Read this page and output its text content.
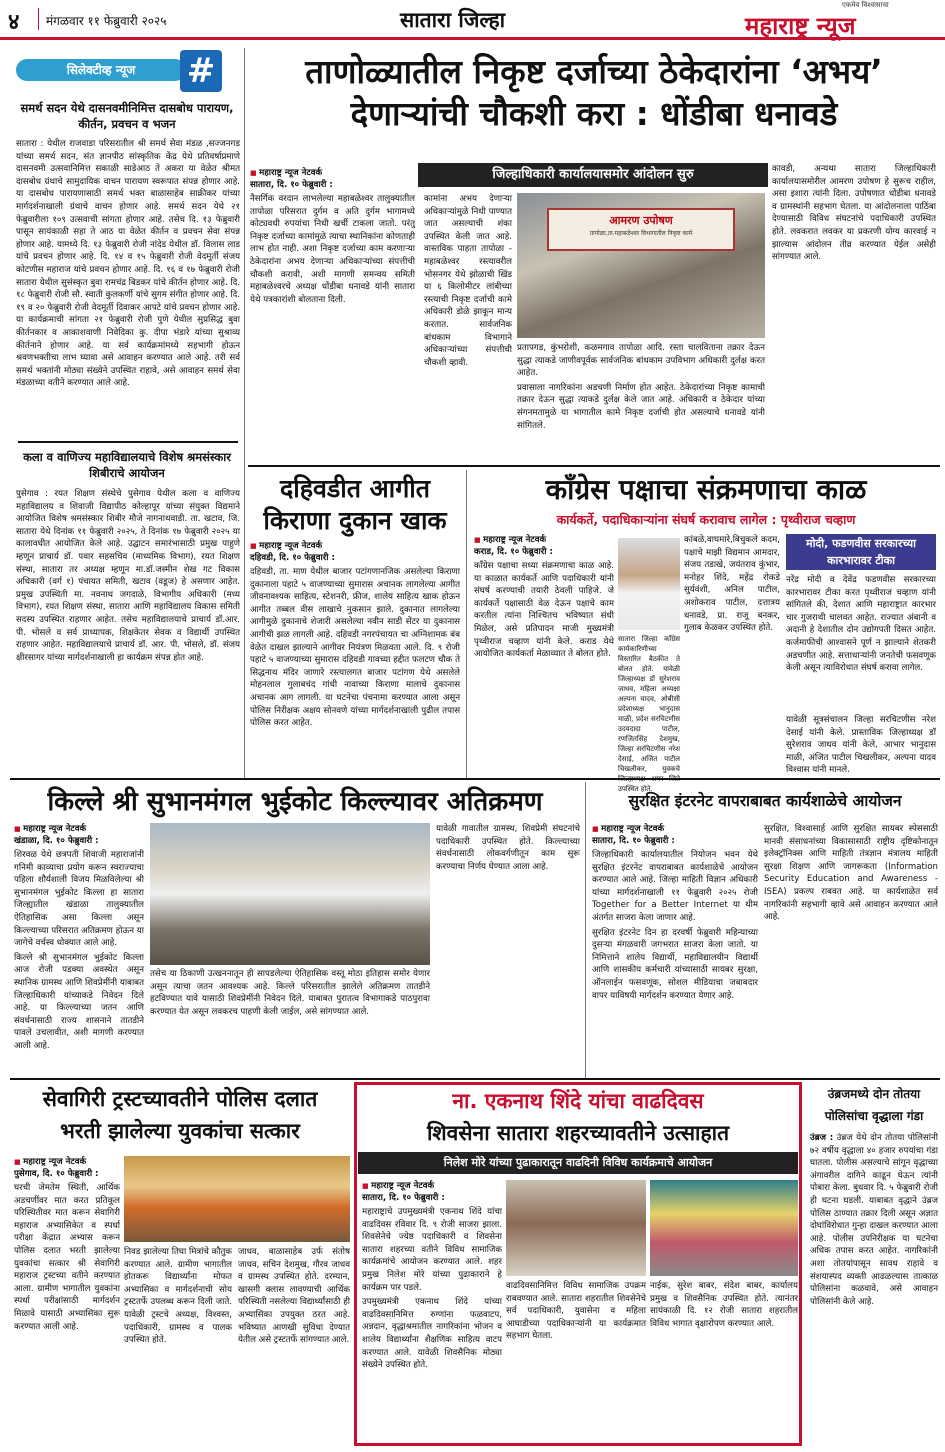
४ मंगळवार ११ फेब्रुवारी २०२५	सातारा जिल्हा
एकमेव विश्वासाचा
महाराष्ट्र न्यूज
सिलेक्टीव्ह न्यूज	#
समर्थ सदन येथे दासनवमीनिमित्त दासबोध पारायण, कीर्तन, प्रवचन व भजन

सातारा : येथील राजवाडा परिसरातील श्री समर्थ सेवा मंडळ ,सज्जनगड यांच्या समर्थ सदन, संत ज्ञानपीठ सांस्कृतिक केंद्र येथे प्रतिवर्षाप्रमाणे दासनवमी उत्सवानिमित्त सकाळी साडेआठ ते अकरा या वेळेत श्रीमत दासबोध ग्रंथाचे सामुदायिक वाचन पारायण स्वरूपात संपन्न होणार आहे. या दासबोध पारायणासाठी समर्थ भक्त बाळासाहेब साक्रीकर यांच्या मार्गदर्शनाखाली ग्रंथाचे वाचन होणार आहे. समर्थ सदन येथे २१ फेब्रुवारीला १०९ उत्सवाची सांगता होणार आहे. तसेच दि. १३ फेब्रुवारी पासून सायंकाळी सहा ते आठ या वेळेत कीर्तन व प्रवचन सेवा संपन्न होणार आहे. यामध्ये दि. १३ फेब्रुवारी रोजी नांदेड येथील डॉ. विलास लाड यांचे प्रवचन होणार आहे. दि. १४ व १५ फेब्रुवारी रोजी वेदमूर्ती संजय कोटणीस महाराज यांचे प्रवचन होणार आहे. दि. १६ व १७ फेब्रुवारी रोजी सातारा येथील सुसंस्कृत बुवा रामचंद्र बिडकर यांचे कीर्तन होणार आहे. दि. १८ फेब्रुवारी रोजी सौ. स्वाती कुलकर्णी यांचे सुगम संगीत होणार आहे. दि. १९ व २० फेब्रुवारी रोजी वेदमूर्ती दिवाकर आपटे यांचे प्रवचन होणार आहे. या कार्यक्रमाची सांगता २१ फेब्रुवारी रोजी पुणे येथील सुप्रसिद्ध बुवा कीर्तनकार व आकाशवाणी निवेदिका कु. दीपा भंडारे यांच्या सुश्राव्य कीर्तनाने होणार आहे. या सर्व कार्यक्रमांमध्ये सहभागी होऊन श्रवणभक्तीचा लाभ घ्यावा असे आवाहन करण्यात आले आहे. तरी सर्व समर्थ भक्तांनी मोठ्या संख्येने उपस्थित राहावे, असे आवाहन समर्थ सेवा मंडळाच्या वतीने करण्यात आले आहे.

कला व वाणिज्य महाविद्यालयाचे विशेष श्रमसंस्कार शिबीराचे आयोजन

पुसेगाव : रयत शिक्षण संस्थेचे पुसेगाव येथील कला व वाणिज्य महाविद्यालय व शिवाजी विद्यापीठ कोल्हापूर यांच्या संयुक्त विद्यमाने आयोजित विशेष श्रमसंस्कार शिबीर मौजे नागनाथवाडी. ता. खटाव, जि. सातारा येथे दिनांक ११ फेब्रुवारी २०२५, ते दिनांक १७ फेब्रुवारी २०२५ या कालावधीत आयोजित केले आहे. उद्घाटन समारंभासाठी प्रमुख पाहुणे म्हणून प्राचार्य डॉ. पवार सहसचिव (माध्यमिक विभाग), रयत शिक्षण संस्था, सातारा तर अध्यक्ष म्हणून मा.डॉ.जस्मीन शेख गट विकास अधिकारी (वर्ग १) पंचायत समिती, खटाव (वडूज) हे असणार आहेत. प्रमुख उपस्थिती मा. नवनाथ जगदाळे, विभागीय अधिकारी (मध्य विभाग), रयत शिक्षण संस्था, सातारा आणि महाविद्यालय विकास समिती सदस्य उपस्थित राहणार आहेत. तसेच महाविद्यालयाचे प्राचार्य डॉ.आर. पी. भोसले व सर्व प्राध्यापक, शिक्षकेतर सेवक व विद्यार्थी उपस्थित राहणार आहेत. महाविद्यालयाचे प्राचार्य डॉ. आर. पी. भोसले, डॉ. संजय क्षीरसागर यांच्या मार्गदर्शनाखाली हा कार्यक्रम संपन्न होत आहे.

ताणोळ्यातील निकृष्ट दर्जाच्या ठेकेदारांना ‘अभय’
देणाऱ्यांची चौकशी करा : धोंडीबा धनावडे
जिल्हाधिकारी कार्यालयासमोर आंदोलन सुरु
■ महाराष्ट्र न्यूज नेटवर्क
सातारा, दि. १० फेब्रुवारी :

नैसर्गिक वरदान लाभलेल्या महाबळेश्वर तालुक्यातील तापोळा परिसरात दुर्गम व अति दुर्गम भागामध्ये कोट्यवधी रुपयांचा निधी खर्ची टाकला जातो. परंतु निकृष्ट दर्जाच्या कामांमुळे त्याचा स्थानिकांना कोणताही लाभ होत नाही. अशा निकृष्ट दर्जाच्या काम करणाऱ्या ठेकेदारांना अभय देणाऱ्या अधिकाऱ्यांच्या संपत्तीची चौकशी करावी, अशी मागणी समन्वय समिती महाबळेश्वरचे अध्यक्ष धोंडीबा धनावडे यांनी सातारा येथे पत्रकारांशी बोलताना दिली.

कामांना अभय देणाऱ्या अधिकाऱ्यांमुळे निधी पाण्यात जात असल्याची शंका उपस्थित केली जात आहे. वास्तविक पाहता तापोळा - महाबळेश्वर रस्त्यावरील भोसनगर येथे झोळाची खिंड या ६ किलोमीटर लांबीच्या रस्त्याची निकृष्ट दर्जाची कामे अधिकारी डोळे झाकून मान्य करतात. सार्वजनिक बांधकाम विभागाने अधिकाऱ्यांच्या संपत्तीची चौकशी व्हावी.

आमरण उपोषण
तापोळा,ता.महाबळेश्वर विभागातील निकृष्ट कामे

प्रतापगड, कुंभरोशी, कळमगाव तापोळा आदि. रस्ता चालविताना तक्रार देऊन सुद्धा त्याकडे जाणीवपूर्वक सार्वजनिक बांधकाम उपविभाग अधिकारी दुर्लक्ष करत आहेत.

प्रवासाला नागरिकांना अडचणी निर्माण होत आहेत. ठेकेदारांच्या निकृष्ट कामाची तक्रार देऊन सुद्धा त्याकडे दुर्लक्ष केले जात आहे. अधिकारी व ठेकेदार यांच्या संगनमतामुळे या भागातील कामे निकृष्ट दर्जाची होत असल्याचे धनावडे यांनी सांगितले.

कावडी, अन्यथा सातारा जिल्हाधिकारी कार्यालयासमोरील आमरण उपोषण हे सुरूच राहील, असा इशारा त्यांनी दिला. उपोषणात धोंडीबा धनावडे व ग्रामस्थांनी सहभाग घेतला. या आंदोलनाला पाठिंबा देण्यासाठी विविध संघटनांचे पदाधिकारी उपस्थित होते. लवकरात लवकर या प्रकरणी योग्य कारवाई न झाल्यास आंदोलन तीव्र करण्यात येईल असेही सांगण्यात आले.

दहिवडीत आगीत
किराणा दुकान खाक
■ महाराष्ट्र न्यूज नेटवर्क
दहिवडी, दि. १० फेब्रुवारी :

दहिवडी, ता. माण येथील बाजार पटांगणानजिक असलेल्या किराणा दुकानाला पहाटे ५ वाजण्याच्या सुमारास अचानक लागलेल्या आगीत जीवनावश्यक साहित्य, स्टेशनरी, फ्रीज, शालेय साहित्य खाक होऊन आगीत तब्बल वीस लाखाचे नुकसान झाले. दुकानात लागलेल्या आगीमुळे दुकानाचे शेजारी असलेल्या नवीन साडी सेंटर या दुकानास आगीची झळ लागली आहे. दहिवडी नगरपंचायत चा अग्निशामक बंब वेळेत दाखल झाल्याने आगीवर नियंत्रण मिळवता आले. दि. ९ रोजी पहाटे ५ वाजण्याच्या सुमारास दहिवडी गावच्या हद्दीत फलटण चौक ते सिद्धनाथ मंदिर जाणारे रस्त्यालगत बाजार पटांगण येथे असलेले मोहनलाल गुलाबचंद गांधी नावाच्या किराणा मालाचे दुकानास अचानक आग लागली. या घटनेचा पंचनामा करण्यात आला असून पोलिस निरीक्षक अक्षय सोनवणे यांच्या मार्गदर्शनाखाली पुढील तपास पोलिस करत आहेत.

काँग्रेस पक्षाचा संक्रमणाचा काळ
कार्यकर्ते, पदाधिकाऱ्यांना संघर्ष करावाच लागेल : पृथ्वीराज चव्हाण
■ महाराष्ट्र न्यूज नेटवर्क
कराड, दि. १० फेब्रुवारी :

काँग्रेस पक्षाचा सध्या संक्रमणाचा काळ आहे. या काळात कार्यकर्ते आणि पदाधिकारी यांनी संघर्ष करण्याची तयारी ठेवली पाहिजे. जे कार्यकर्ते पक्षासाठी वेळ देऊन पक्षाचे काम करतील त्यांना निश्चितच भविष्यात संधी मिळेल, असे प्रतिपादन माजी मुख्यमंत्री पृथ्वीराज चव्हाण यांनी केले. कराड येथे आयोजित कार्यकर्ता मेळाव्यात ते बोलत होते.

सातारा जिल्हा काँग्रेस कार्यकारिणीच्या विस्तारित बैठकीत ते बोलत होते. यावेळी जिल्हाध्यक्ष डॉ सुरेशराव जाधव, महिला अध्यक्षा अल्पना यादव, ओबीसी प्रदेशाध्यक्ष भानुदास माळी, प्रदेश सरचिटणीस उदयदादा पाटील, रणजितसिंह देशमुख, जिल्हा सरचिटणीस नरेश देसाई, अजित पाटील चिखलीकर, युवकचे उपस्थित होते.

कांबळे,वाघमारे,बिचुकले कदम, पक्षाचे माझी विद्यमान आमदार, संजय तडाखे, जयंतराव कुंभार, मनोहर शिंदे, महेंद्र रोकडे सुर्यवंशी, अनिल पाटील, अशोकराव पाटील, दत्तात्रय धनावडे, प्रा. राजू बनकर, गुलाब केळकर उपस्थित होते.

मोदी, फडणवीस सरकारच्या
कारभारावर टीका

नरेंद्र मोदी व देवेंद्र फडणवीस सरकारच्या कारभारावर टीका करत पृथ्वीराज चव्हाण यांनी सांगितले की, देशात आणि महाराष्ट्रात कारभार चार गुजराथी चालवत आहेत. राज्यात अंबानी व अदानी हे देशातील दोन उद्योगपती दिसत आहेत. कर्जमाफीची आश्वासने पूर्ण न झाल्याने शेतकरी अडचणीत आहे. सत्ताधाऱ्यांनी जनतेची फसवणूक केली असून त्याविरोधात संघर्ष करावा लागेल.

यावेळी सूत्रसंचालन जिल्हा सरचिटणीस नरेश देसाई यांनी केले. प्रास्ताविक जिल्हाध्यक्ष डॉ सुरेशराव जाधव यांनी केले, आभार भानुदास माळी, अजित पाटील चिखलीकर, अल्पना यादव विश्वास यांनी मानले.

किल्ले श्री सुभानमंगल भुईकोट किल्ल्यावर अतिक्रमण
■ महाराष्ट्र न्यूज नेटवर्क
खंडाळा, दि. १० फेब्रुवारी :

शिरवळ येथे छत्रपती शिवाजी महाराजांनी गनिमी काव्याचा प्रयोग करून स्वराज्याचा पहिला शौर्यशाली विजय मिळविलेल्या श्री सुभानमंगल भुईकोट किल्ला हा सातारा जिल्ह्यातील खंडाळा तालुक्यातील ऐतिहासिक असा किल्ला असून किल्ल्याच्या परिसरात अतिक्रमण होऊन या जागेचे वर्चस्व धोक्यात आले आहे.

किल्ले श्री सुभानमंगल भुईकोट किल्ला आज रोजी पडक्या अवस्थेत असून स्थानिक ग्रामस्थ आणि शिवप्रेमींनी याबाबत जिल्हाधिकारी यांच्याकडे निवेदन दिले आहे. या किल्ल्याच्या जतन आणि संवर्धनासाठी राज्य शासनाने तातडीने पावले उचलावीत, अशी मागणी करण्यात आली आहे.

तसेच या ठिकाणी उत्खननातून ही सापडलेल्या ऐतिहासिक वस्तू मोठा इतिहास समोर येणार असून त्याचा जतन आवश्यक आहे. किल्ले परिसरातील झालेले अतिक्रमण तातडीने हटविण्यात यावे यासाठी शिवप्रेमींनी निवेदन दिले. याबाबत पुरातत्व विभागाकडे पाठपुरावा करण्यात येत असून लवकरच पाहणी केली जाईल, असे सांगण्यात आले.

यावेळी गावातील ग्रामस्थ, शिवप्रेमी संघटनांचे पदाधिकारी उपस्थित होते. किल्ल्याच्या संवर्धनासाठी लोकवर्गणीतून काम सुरू करण्याचा निर्णय घेण्यात आला आहे.

सुरक्षित इंटरनेट वापराबाबत कार्यशाळेचे आयोजन
■ महाराष्ट्र न्यूज नेटवर्क
सातारा, दि. १० फेब्रुवारी :

जिल्हाधिकारी कार्यालयातील नियोजन भवन येथे सुरक्षित इंटरनेट वापराबाबत कार्यशाळेचे आयोजन करण्यात आले आहे. जिल्हा माहिती विज्ञान अधिकारी यांच्या मार्गदर्शनाखाली ११ फेब्रुवारी २०२५ रोजी Together for a Better Internet या थीम अंतर्गत साजरा केला जाणार आहे.

सुरक्षित इंटरनेट दिन हा दरवर्षी फेब्रुवारी महिन्याच्या दुसऱ्या मंगळवारी जगभरात साजरा केला जातो. या निमित्ताने शालेय विद्यार्थी, महाविद्यालयीन विद्यार्थी आणि शासकीय कर्मचारी यांच्यासाठी सायबर सुरक्षा, ऑनलाईन फसवणूक, सोशल मीडियाचा जबाबदार वापर याविषयी मार्गदर्शन करण्यात येणार आहे.

सुरक्षित, विश्वासार्ह आणि सुरक्षित सायबर स्पेससाठी मानवी संसाधनांच्या विकासासाठी राष्ट्रीय दृष्टिकोनातून इलेक्ट्रॉनिक्स आणि माहिती तंत्रज्ञान मंत्रालय माहिती सुरक्षा शिक्षण आणि जागरूकता (Information Security Education and Awareness - ISEA) प्रकल्प राबवत आहे. या कार्यशाळेत सर्व नागरिकांनी सहभागी व्हावे असे आवाहन करण्यात आले आहे.

सेवागिरी ट्रस्टच्यावतीने पोलिस दलात
भरती झालेल्या युवकांचा सत्कार
■ महाराष्ट्र न्यूज नेटवर्क
पुसेगाव, दि. १० फेब्रुवारी :

घरची जेमतेम स्थिती, आर्थिक अडचणींवर मात करत प्रतिकूल परिस्थितीवर मात करून सेवागिरी महाराज अभ्यासिकेत व स्पर्धा परीक्षा केंद्रात अभ्यास करून पोलिस दलात भरती झालेल्या युवकांचा सत्कार श्री सेवागिरी महाराज ट्रस्टच्या वतीने करण्यात आला. ग्रामीण भागातील युवकांना स्पर्धा परीक्षांसाठी मार्गदर्शन मिळावे यासाठी अभ्यासिका सुरू करण्यात आली आहे.

निवड झालेल्या तिघा मित्रांचे कौतुक करण्यात आले. ग्रामीण भागातील होतकरू विद्यार्थ्यांना मोफत अभ्यासिका व मार्गदर्शनाची सोय ट्रस्टतर्फे उपलब्ध करून दिली जाते. यावेळी ट्रस्टचे अध्यक्ष, विश्वस्त, पदाधिकारी, ग्रामस्थ व पालक उपस्थित होते.

जाधव, बाळासाहेब उर्फ संतोष जाधव, सचिन देशमुख, गौरव जाधव व ग्रामस्थ उपस्थित होते. दरम्यान, खासगी क्लास लावण्याची आर्थिक परिस्थिती नसलेल्या विद्यार्थ्यांसाठी ही अभ्यासिका उपयुक्त ठरत आहे. भविष्यात आणखी सुविधा देण्यात येतील असे ट्रस्टतर्फे सांगण्यात आले.

ना. एकनाथ शिंदे यांचा वाढदिवस
शिवसेना सातारा शहरच्यावतीने उत्साहात
निलेश मोरे यांच्या पुढाकारातून वाढदिनी विविध कार्यक्रमाचे आयोजन
■ महाराष्ट्र न्यूज नेटवर्क
सातारा, दि. १० फेब्रुवारी :

महाराष्ट्राचे उपमुख्यमंत्री एकनाथ शिंदे यांचा वाढदिवस रविवार दि. ९ रोजी साजरा झाला. शिवसेनेचे ज्येष्ठ पदाधिकारी व शिवसेना सातारा शहरच्या वतीने विविध सामाजिक कार्यक्रमांचे आयोजन करण्यात आले. शहर प्रमुख निलेश मोरे यांच्या पुढाकाराने हे कार्यक्रम पार पडले.

उपमुख्यमंत्री एकनाथ शिंदे यांच्या वाढदिवसानिमित्त रुग्णांना फळवाटप, अन्नदान, वृद्धाश्रमातील नागरिकांना भोजन व शालेय विद्यार्थ्यांना शैक्षणिक साहित्य वाटप करण्यात आले. यावेळी शिवसैनिक मोठ्या संख्येने उपस्थित होते.

वाढदिवसानिमित्त विविध सामाजिक उपक्रम राबवण्यात आले. सातारा शहरातील शिवसेनेचे सर्व पदाधिकारी, युवासेना व महिला आघाडीच्या पदाधिकाऱ्यांनी या कार्यक्रमात सहभाग घेतला.

नाईक, सुरेश बाबर, संदेश बाबर, कार्यालय प्रमुख व शिवसैनिक उपस्थित होते. त्यानंतर सायंकाळी दि. १२ रोजी सातारा शहरातील विविध भागात वृक्षारोपण करण्यात आले.

उंब्रजमध्ये दोन तोतया
पोलिसांचा वृद्धाला गंडा

उंब्रज : उंब्रज येथे दोन तोतया पोलिसांनी ७२ वर्षीय वृद्धाला ४० हजार रुपयांचा गंडा घातला. पोलीस असल्याचे सांगून वृद्धाच्या अंगावरील दागिने काढून घेऊन त्यांनी पोबारा केला. बुधवार दि. ५ फेब्रुवारी रोजी ही घटना घडली. याबाबत वृद्धाने उंब्रज पोलिस ठाण्यात तक्रार दिली असून अज्ञात दोघांविरोधात गुन्हा दाखल करण्यात आला आहे. पोलीस उपनिरीक्षक या घटनेचा अधिक तपास करत आहेत. नागरिकांनी अशा तोतयांपासून सावध राहावे व संशयास्पद व्यक्ती आढळल्यास तात्काळ पोलिसांना कळवावे, असे आवाहन पोलिसांनी केले आहे.
